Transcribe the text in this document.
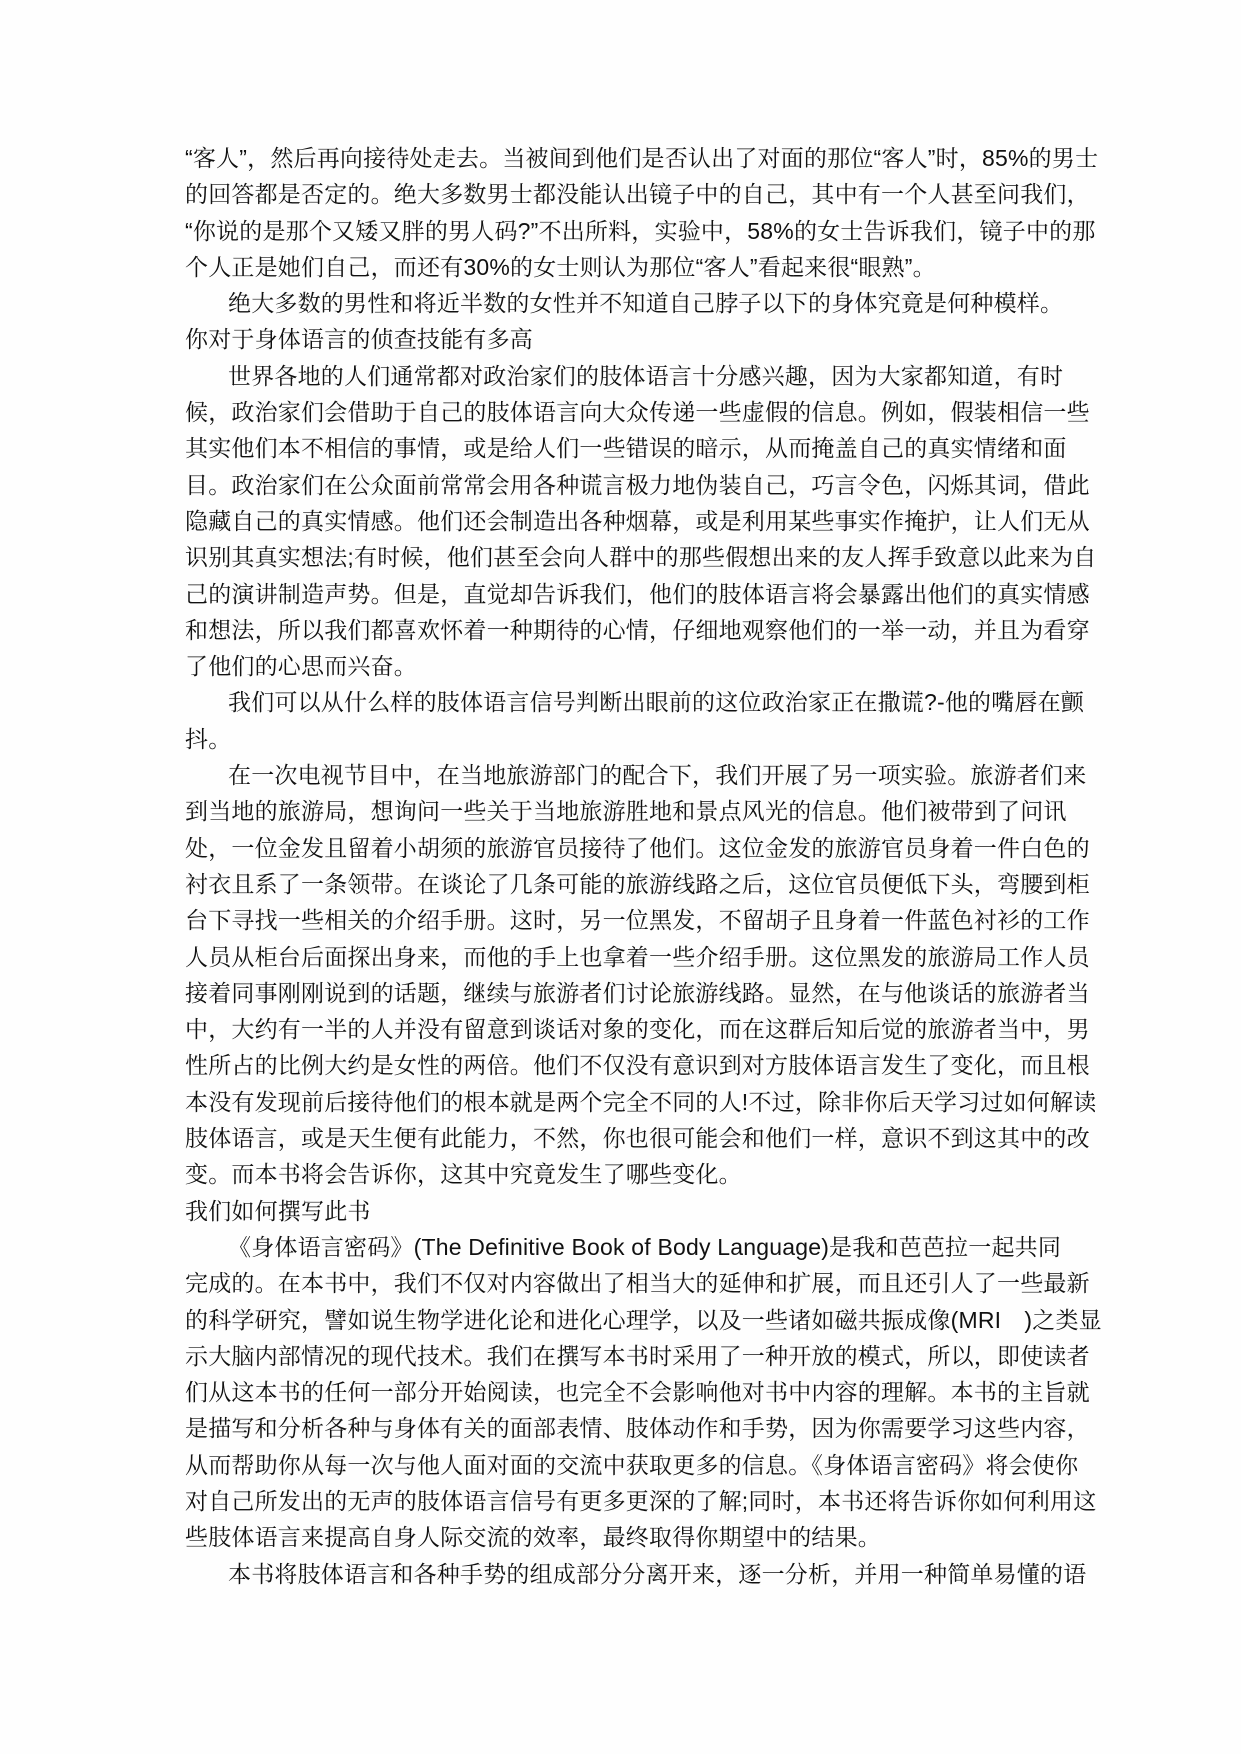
“客人”，然后再向接待处走去。当被间到他们是否认出了对面的那位“客人”时，85%的男士
的回答都是否定的。绝大多数男士都没能认出镜子中的自己，其中有一个人甚至问我们，
“你说的是那个又矮又胖的男人码?”不出所料，实验中，58%的女士告诉我们，镜子中的那
个人正是她们自己，而还有30%的女士则认为那位“客人”看起来很“眼熟”。
绝大多数的男性和将近半数的女性并不知道自己脖子以下的身体究竟是何种模样。
你对于身体语言的侦查技能有多高
世界各地的人们通常都对政治家们的肢体语言十分感兴趣，因为大家都知道，有时
候，政治家们会借助于自己的肢体语言向大众传递一些虚假的信息。例如，假装相信一些
其实他们本不相信的事情，或是给人们一些错误的暗示，从而掩盖自己的真实情绪和面
目。政治家们在公众面前常常会用各种谎言极力地伪装自己，巧言令色，闪烁其词，借此
隐藏自己的真实情感。他们还会制造出各种烟幕，或是利用某些事实作掩护，让人们无从
识别其真实想法;有时候，他们甚至会向人群中的那些假想出来的友人挥手致意以此来为自
己的演讲制造声势。但是，直觉却告诉我们，他们的肢体语言将会暴露出他们的真实情感
和想法，所以我们都喜欢怀着一种期待的心情，仔细地观察他们的一举一动，并且为看穿
了他们的心思而兴奋。
我们可以从什么样的肢体语言信号判断出眼前的这位政治家正在撒谎?-他的嘴唇在颤
抖。
在一次电视节目中，在当地旅游部门的配合下，我们开展了另一项实验。旅游者们来
到当地的旅游局，想询问一些关于当地旅游胜地和景点风光的信息。他们被带到了问讯
处，一位金发且留着小胡须的旅游官员接待了他们。这位金发的旅游官员身着一件白色的
衬衣且系了一条领带。在谈论了几条可能的旅游线路之后，这位官员便低下头，弯腰到柜
台下寻找一些相关的介绍手册。这时，另一位黑发，不留胡子且身着一件蓝色衬衫的工作
人员从柜台后面探出身来，而他的手上也拿着一些介绍手册。这位黑发的旅游局工作人员
接着同事刚刚说到的话题，继续与旅游者们讨论旅游线路。显然，在与他谈话的旅游者当
中，大约有一半的人并没有留意到谈话对象的变化，而在这群后知后觉的旅游者当中，男
性所占的比例大约是女性的两倍。他们不仅没有意识到对方肢体语言发生了变化，而且根
本没有发现前后接待他们的根本就是两个完全不同的人!不过，除非你后天学习过如何解读
肢体语言，或是天生便有此能力，不然，你也很可能会和他们一样，意识不到这其中的改
变。而本书将会告诉你，这其中究竟发生了哪些变化。
我们如何撰写此书
《身体语言密码》(The Definitive Book of Body Language)是我和芭芭拉一起共同
完成的。在本书中，我们不仅对内容做出了相当大的延伸和扩展，而且还引人了一些最新
的科学研究，譬如说生物学进化论和进化心理学，以及一些诸如磁共振成像(MRI　)之类显
示大脑内部情况的现代技术。我们在撰写本书时采用了一种开放的模式，所以，即使读者
们从这本书的任何一部分开始阅读，也完全不会影响他对书中内容的理解。本书的主旨就
是描写和分析各种与身体有关的面部表情、肢体动作和手势，因为你需要学习这些内容，
从而帮助你从每一次与他人面对面的交流中获取更多的信息。《身体语言密码》将会使你
对自己所发出的无声的肢体语言信号有更多更深的了解;同时，本书还将告诉你如何利用这
些肢体语言来提高自身人际交流的效率，最终取得你期望中的结果。
本书将肢体语言和各种手势的组成部分分离开来，逐一分析，并用一种简单易懂的语
